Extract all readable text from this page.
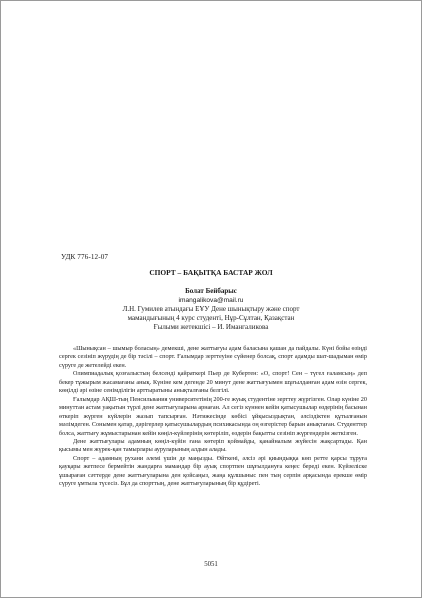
УДК 776-12-07
СПОРТ – БАҚЫТҚА БАСТАР ЖОЛ
Болат Бейбарыс
imangalikova@mail.ru
Л.Н. Гумилев атындағы ЕҰУ Дене шынықтыру және спорт
мамандығының 4 курс студенті, Нұр-Сұлтан, Қазақстан
Ғылыми жетекшісі – И. Имангаликова

«Шынықсан – шымыр боласың» демекші, дене жаттығуы адам баласына қашан да пайдалы. Күні бойы өзіңді сергек сезініп жүрудің де бір тәсілі – спорт. Ғалымдар зерттеуіне сүйенер болсақ, спорт адамды шат-шадыман өмір сүруге де жетелейді екен.

Олимпиадалық қозғалыстың белсенді қайраткері Пьер де Кубертен: «О, спорт! Сен – түгел ғаламсың» деп бекер тұжырым жасамағаны анық. Күніне кем дегенде 20 минут дене жаттығуымен шұғылданған адам өзін сергек, көңілді әрі өзіне сенімділігін арттыратыны анықталғаны белгілі.

Ғалымдар АҚШ-тың Пенсильвания университетінің 200-ге жуық студентіне зерттеу жүргізген. Олар күніне 20 минуттан астам уақытын түрлі дене жаттығуларына арнаған. Ал сегіз күннен кейін қатысушылар өздерінің басынан өткеріп жүрген күйлерін жазып тапсырған. Нәтижесінде көбісі ұйқысыздықтан, әлсіздіктен құтылғанын мәлімдеген. Сонымен қатар, дәрігерлер қатысушылардың психикасында оң өзгерістер барын анықтаған. Студенттер болса, жаттығу жұмыстарынан кейін көңіл-күйлерінің көтеріліп, өздерін бақытты сезініп жүргендерін жеткізген.

Дене жаттығулары адамның көңіл-күйін ғана көтеріп қоймайды, қанайналым жүйесін жақсартады. Қан қысымы мен жүрек-қан тамырлары ауруларының алдын алады.

Спорт – адамның рухани әлемі үшін де маңызды. Өйткені, әлсіз әрі қиындыққа көп ретте қарсы тұруға қауқары жетпесе бермейтін жандарға мамандар бір ауық спортпен шұғылдануға кеңес береді екен. Күйзеліске ұшыраған сәттерде дене жаттығуларына ден қойсаңыз, жаңа құлшыныс пен тың серпін арқасында ерекше өмір сүруге ұмтыла түсесіз. Бұл да спорттың, дене жаттығуларының бір құдіреті.

5051
